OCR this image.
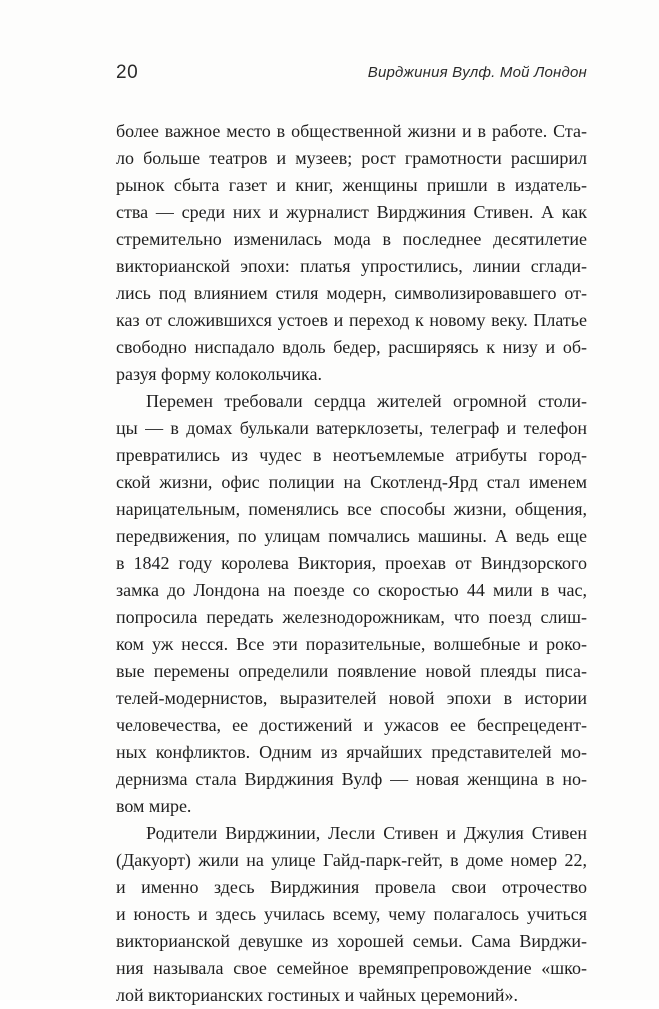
20	Вирджиния Вулф. Мой Лондон
более важное место в общественной жизни и в работе. Ста-
ло больше театров и музеев; рост грамотности расширил
рынок сбыта газет и книг, женщины пришли в издатель-
ства — среди них и журналист Вирджиния Стивен. А как
стремительно изменилась мода в последнее десятилетие
викторианской эпохи: платья упростились, линии сглади-
лись под влиянием стиля модерн, символизировавшего от-
каз от сложившихся устоев и переход к новому веку. Платье
свободно ниспадало вдоль бедер, расширяясь к низу и об-
разуя форму колокольчика.
Перемен требовали сердца жителей огромной столи-
цы — в домах булькали ватерклозеты, телеграф и телефон
превратились из чудес в неотъемлемые атрибуты город-
ской жизни, офис полиции на Скотленд-Ярд стал именем
нарицательным, поменялись все способы жизни, общения,
передвижения, по улицам помчались машины. А ведь еще
в 1842 году королева Виктория, проехав от Виндзорского
замка до Лондона на поезде со скоростью 44 мили в час,
попросила передать железнодорожникам, что поезд слиш-
ком уж несся. Все эти поразительные, волшебные и роко-
вые перемены определили появление новой плеяды писа-
телей-модернистов, выразителей новой эпохи в истории
человечества, ее достижений и ужасов ее беспрецедент-
ных конфликтов. Одним из ярчайших представителей мо-
дернизма стала Вирджиния Вулф — новая женщина в но-
вом мире.
Родители Вирджинии, Лесли Стивен и Джулия Стивен
(Дакуорт) жили на улице Гайд-парк-гейт, в доме номер 22,
и именно здесь Вирджиния провела свои отрочество
и юность и здесь училась всему, чему полагалось учиться
викторианской девушке из хорошей семьи. Сама Вирджи-
ния называла свое семейное времяпрепровождение «шко-
лой викторианских гостиных и чайных церемоний».
